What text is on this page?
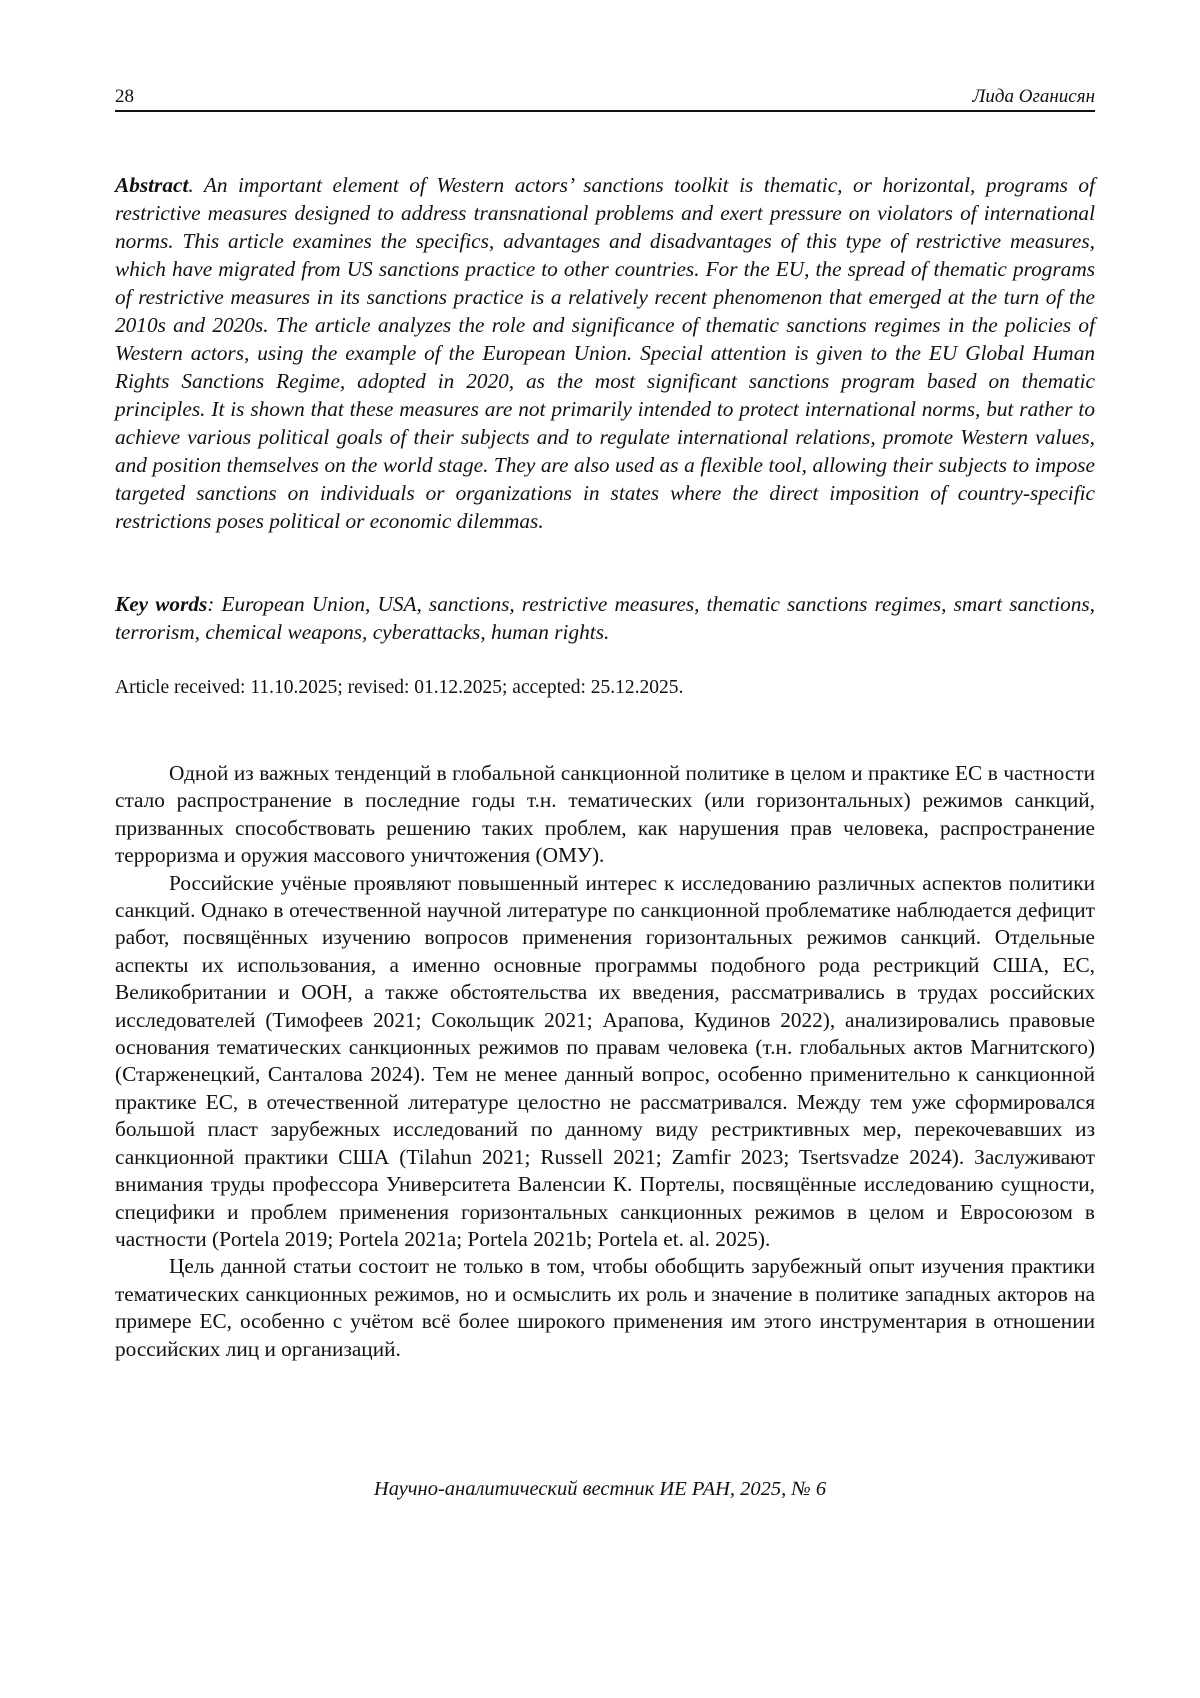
28	Лида Оганисян

Abstract. An important element of Western actors’ sanctions toolkit is thematic, or horizontal, programs of restrictive measures designed to address transnational problems and exert pressure on violators of international norms. This article examines the specifics, advantages and disadvantages of this type of restrictive measures, which have migrated from US sanctions practice to other countries. For the EU, the spread of thematic programs of restrictive measures in its sanctions practice is a relatively recent phenomenon that emerged at the turn of the 2010s and 2020s. The article analyzes the role and significance of thematic sanctions regimes in the policies of Western actors, using the example of the European Union. Special attention is given to the EU Global Human Rights Sanctions Regime, adopted in 2020, as the most significant sanctions program based on thematic principles. It is shown that these measures are not primarily intended to protect international norms, but rather to achieve various political goals of their subjects and to regulate international relations, promote Western values, and position themselves on the world stage. They are also used as a flexible tool, allowing their subjects to impose targeted sanctions on individuals or organizations in states where the direct imposition of country-specific restrictions poses political or economic dilemmas.

Key words: European Union, USA, sanctions, restrictive measures, thematic sanctions regimes, smart sanctions, terrorism, chemical weapons, cyberattacks, human rights.

Article received: 11.10.2025; revised: 01.12.2025; accepted: 25.12.2025.

Одной из важных тенденций в глобальной санкционной политике в целом и практике ЕС в частности стало распространение в последние годы т.н. тематических (или горизонтальных) режимов санкций, призванных способствовать решению таких проблем, как нарушения прав человека, распространение терроризма и оружия массового уничтожения (ОМУ).

Российские учёные проявляют повышенный интерес к исследованию различных аспектов политики санкций. Однако в отечественной научной литературе по санкционной проблематике наблюдается дефицит работ, посвящённых изучению вопросов применения горизонтальных режимов санкций. Отдельные аспекты их использования, а именно основные программы подобного рода рестрикций США, ЕС, Великобритании и ООН, а также обстоятельства их введения, рассматривались в трудах российских исследователей (Тимофеев 2021; Сокольщик 2021; Арапова, Кудинов 2022), анализировались правовые основания тематических санкционных режимов по правам человека (т.н. глобальных актов Магнитского) (Старженецкий, Санталова 2024). Тем не менее данный вопрос, особенно применительно к санкционной практике ЕС, в отечественной литературе целостно не рассматривался. Между тем уже сформировался большой пласт зарубежных исследований по данному виду рестриктивных мер, перекочевавших из санкционной практики США (Tilahun 2021; Russell 2021; Zamfir 2023; Tsertsvadze 2024). Заслуживают внимания труды профессора Университета Валенсии К. Портелы, посвящённые исследованию сущности, специфики и проблем применения горизонтальных санкционных режимов в целом и Евросоюзом в частности (Portela 2019; Portela 2021a; Portela 2021b; Portela et. al. 2025).

Цель данной статьи состоит не только в том, чтобы обобщить зарубежный опыт изучения практики тематических санкционных режимов, но и осмыслить их роль и значение в политике западных акторов на примере ЕС, особенно с учётом всё более широкого применения им этого инструментария в отношении российских лиц и организаций.

Научно-аналитический вестник ИЕ РАН, 2025, № 6
